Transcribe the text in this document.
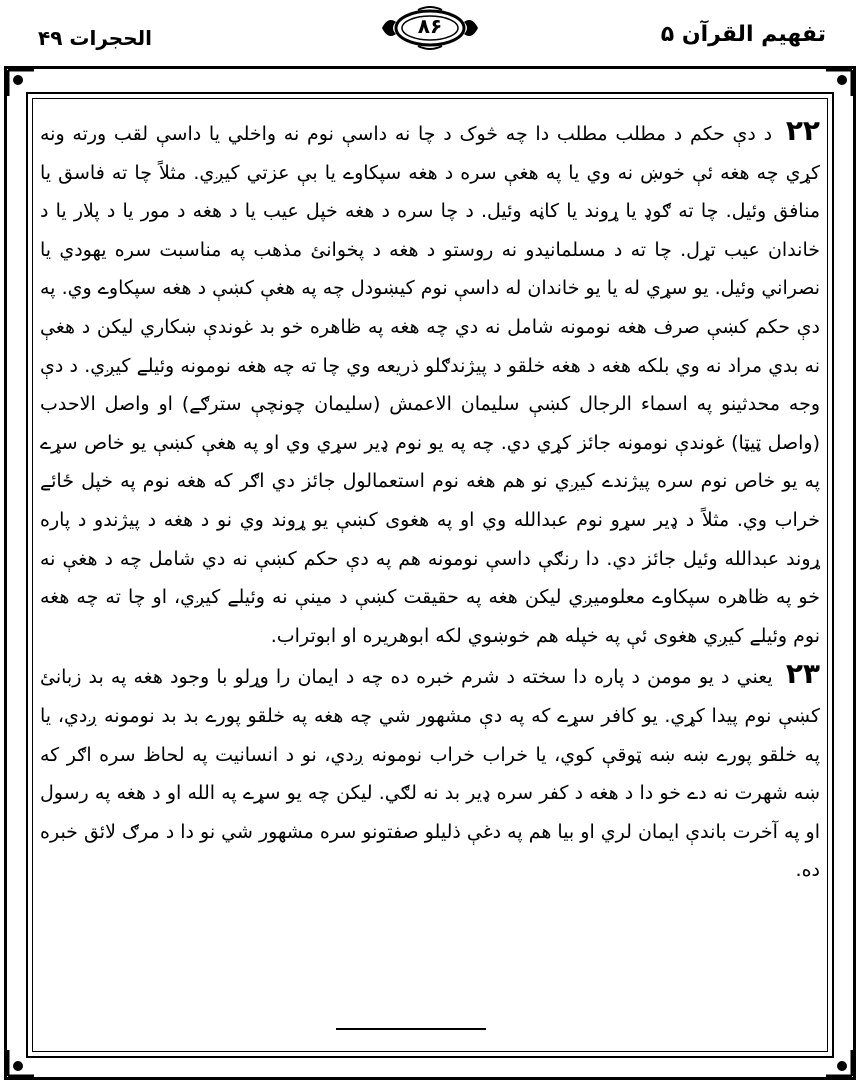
الحجرات ۴۹	۸۶	تفهيم القرآن ۵

۲۲ د دې حکم د مطلب مطلب دا چه څوک د چا نه داسې نوم نه واخلي يا داسې لقب ورته ونه کړي چه هغه ئې خوښ نه وي يا په هغې سره د هغه سپکاوے يا بې عزتي کيږي. مثلاً چا ته فاسق يا منافق وئيل. چا ته ګوډ يا ړوند يا کاڼه وئيل. د چا سره د هغه خپل عيب يا د هغه د مور يا د پلار يا د خاندان عيب تړل. چا ته د مسلمانيدو نه روستو د هغه د پخوانئ مذهب په مناسبت سره يهودي يا نصراني وئيل. يو سړي له يا يو خاندان له داسې نوم کيښودل چه په هغې کښې د هغه سپکاوے وي. په دې حکم کښې صرف هغه نومونه شامل نه دي چه هغه په ظاهره خو بد غوندې ښکاري ليکن د هغې نه بدي مراد نه وي بلکه هغه د هغه خلقو د پيژندګلو ذريعه وي چا ته چه هغه نومونه وئيلے کيږي. د دې وجه محدثينو په اسماء الرجال کښې سليمان الاعمش (سليمان چونچې سترګے) او واصل الاحدب (واصل ټيټا) غوندې نومونه جائز کړي دي. چه په يو نوم ډير سړي وي او په هغې کښې يو خاص سړے په يو خاص نوم سره پيژندے کيږي نو هم هغه نوم استعمالول جائز دي اګر که هغه نوم په خپل ځائے خراب وي. مثلاً د ډير سړو نوم عبدالله وي او په هغوی کښې يو ړوند وي نو د هغه د پيژندو د پاره ړوند عبدالله وئيل جائز دي. دا رنګې داسې نومونه هم په دې حکم کښې نه دي شامل چه د هغې نه خو په ظاهره سپکاوے معلوميږي ليکن هغه په حقيقت کښې د مينې نه وئيلے کيږي، او چا ته چه هغه نوم وئيلے کيږي هغوی ئې په خپله هم خوښوي لکه ابوهريره او ابوتراب.

۲۳ يعني د يو مومن د پاره دا سخته د شرم خبره ده چه د ايمان را وړلو با وجود هغه په بد زبانئ کښې نوم پيدا کړي. يو کافر سړے که په دې مشهور شي چه هغه په خلقو پورے بد بد نومونه ږدي، يا په خلقو پورے ښه ښه ټوقې کوي، يا خراب خراب نومونه ږدي، نو د انسانيت په لحاظ سره اګر که ښه شهرت نه دے خو دا د هغه د کفر سره ډير بد نه لګي. ليکن چه يو سړے په الله او د هغه په رسول او په آخرت باندې ايمان لري او بيا هم په دغې ذليلو صفتونو سره مشهور شي نو دا د مرګ لائق خبره ده.
